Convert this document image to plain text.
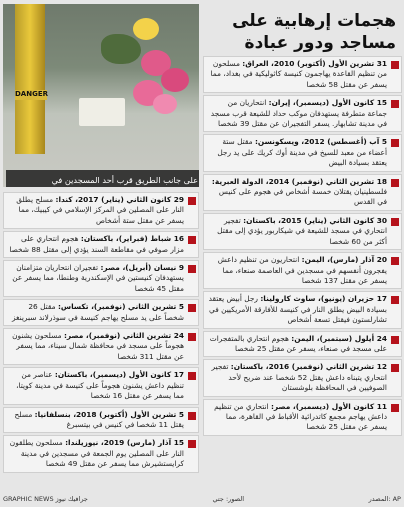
DANGER
على جانب الطريق قرب أحد المسجدين في
هجمات إرهابية على مساجد ودور عبادة
31 تشرين الأول (أكتوبر) 2010، العراق: مسلحون من تنظيم القاعدة يهاجمون كنيسة كاثوليكية في بغداد، مما يسفر عن مقتل 58 شخصا
15 كانون الأول (ديسمبر)، إيران: انتحاريان من جماعة متطرفة يستهدفان موكب حداد للشيعة قرب مسجد في مدينة تشابهار. يسفر التفجيران عن مقتل 39 شخصا
5 آب (أغسطس) 2012، ويسكونسن: مقتل ستة أعضاء من معبد للسيخ في مدينة أوك كريك على يد رجل يعتقد بسيادة البيض
18 تشرين الثاني (نوفمبر) 2014، الدولة العبرية: فلسطينيان يقتلان خمسة أشخاص في هجوم على كنيس في القدس
30 كانون الثاني (يناير) 2015، باكستان: تفجير انتحاري في مسجد للشيعة في شيكاربور يؤدي إلى مقتل أكثر من 60 شخصا
20 آذار (مارس)، اليمن: انتحاريون من تنظيم داعش يفجرون أنفسهم في مسجدين في العاصمة صنعاء، مما يسفر عن مقتل 137 شخصا
17 حزيران (يونيو)، ساوث كارولينا: رجل أبيض يعتقد بسيادة البيض يطلق النار في كنيسة للأفارقة الأمريكيين في تشارلستون فيقتل تسعة أشخاص
24 أيلول (سبتمبر)، اليمن: هجوم انتحاري بالمتفجرات على مسجد في صنعاء، يسفر عن مقتل 25 شخصا
12 تشرين الثاني (نوفمبر) 2016، باكستان: تفجير انتحاري يتبناه داعش يقتل 52 شخصا عند ضريح لأحد الصوفيين في المحافظة بلوشستان
11 كانون الأول (ديسمبر)، مصر: انتحاري من تنظيم داعش يهاجم مجمع كاتدرائية الأقباط في القاهرة، مما يسفر عن مقتل 25 شخصا
29 كانون الثاني (يناير) 2017، كندا: مسلح يطلق النار على المصلين في المركز الإسلامي في كيبيك، مما يسفر عن مقتل ستة أشخاص
16 شباط (فبراير)، باكستان: هجوم انتحاري على مزار صوفي في مقاطعة السند يؤدي إلى مقتل 88 شخصا
9 نيسان (أبريل)، مصر: تفجيران انتحاريان متزامنان يستهدفان كنيستين في الإسكندرية وطنطا، مما يسفر عن مقتل 45 شخصا
5 تشرين الثاني (نوفمبر)، تكساس: مقتل 26 شخصاً على يد مسلح يهاجم كنيسة في سوذرلاند سبرينغز
24 تشرين الثاني (نوفمبر)، مصر: مسلحون يشنون هجوماً على مسجد في محافظة شمال سيناء، مما يسفر عن مقتل 311 شخصا
17 كانون الأول (ديسمبر)، باكستان: عناصر من تنظيم داعش يشنون هجوماً على كنيسة في مدينة كويتا، مما يسفر عن مقتل 16 شخصا
5 تشرين الأول (أكتوبر) 2018، بنسلفانيا: مسلح يقتل 11 شخصا في كنيس في بيتسبرغ
15 آذار (مارس) 2019، نيوزيلندا: مسلحون يطلقون النار على المصلين يوم الجمعة في مسجدين في مدينة كرايستشيرش مما يسفر عن مقتل 49 شخصا
GRAPHIC NEWS جرافيك نيوز	الصور: جتي	المصدر: AP
